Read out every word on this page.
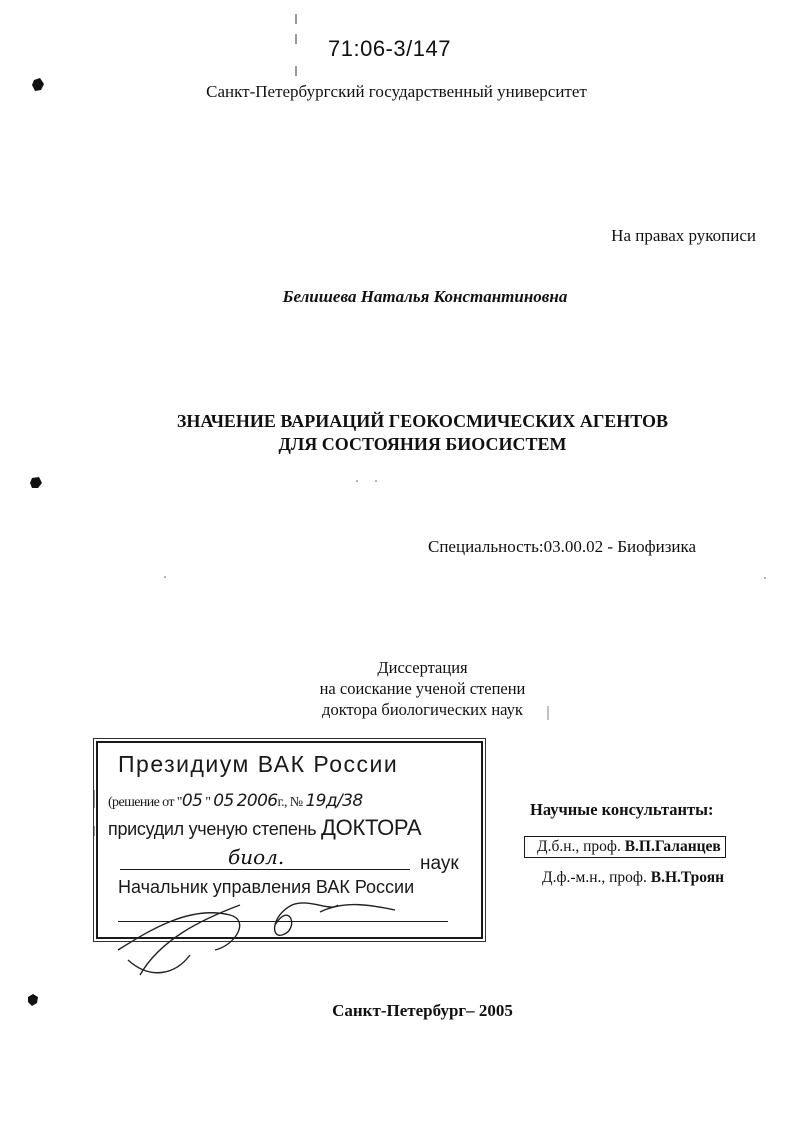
71:06-3/147
Санкт-Петербургский государственный университет
На правах рукописи
Белишева Наталья Константиновна
ЗНАЧЕНИЕ ВАРИАЦИЙ ГЕОКОСМИЧЕСКИХ АГЕНТОВ
ДЛЯ СОСТОЯНИЯ БИОСИСТЕМ
Специальность:03.00.02 - Биофизика
Диссертация
на соискание ученой степени
доктора биологических наук
Президиум ВАК России
(решение от "05 " 05 2006г., № 19д/38
присудил ученую степень ДОКТОРА
биол.	наук
Начальник управления ВАК России
Научные консультанты:
Д.б.н., проф. В.П.Галанцев
Д.ф.-м.н., проф. В.Н.Троян
Санкт-Петербург– 2005
